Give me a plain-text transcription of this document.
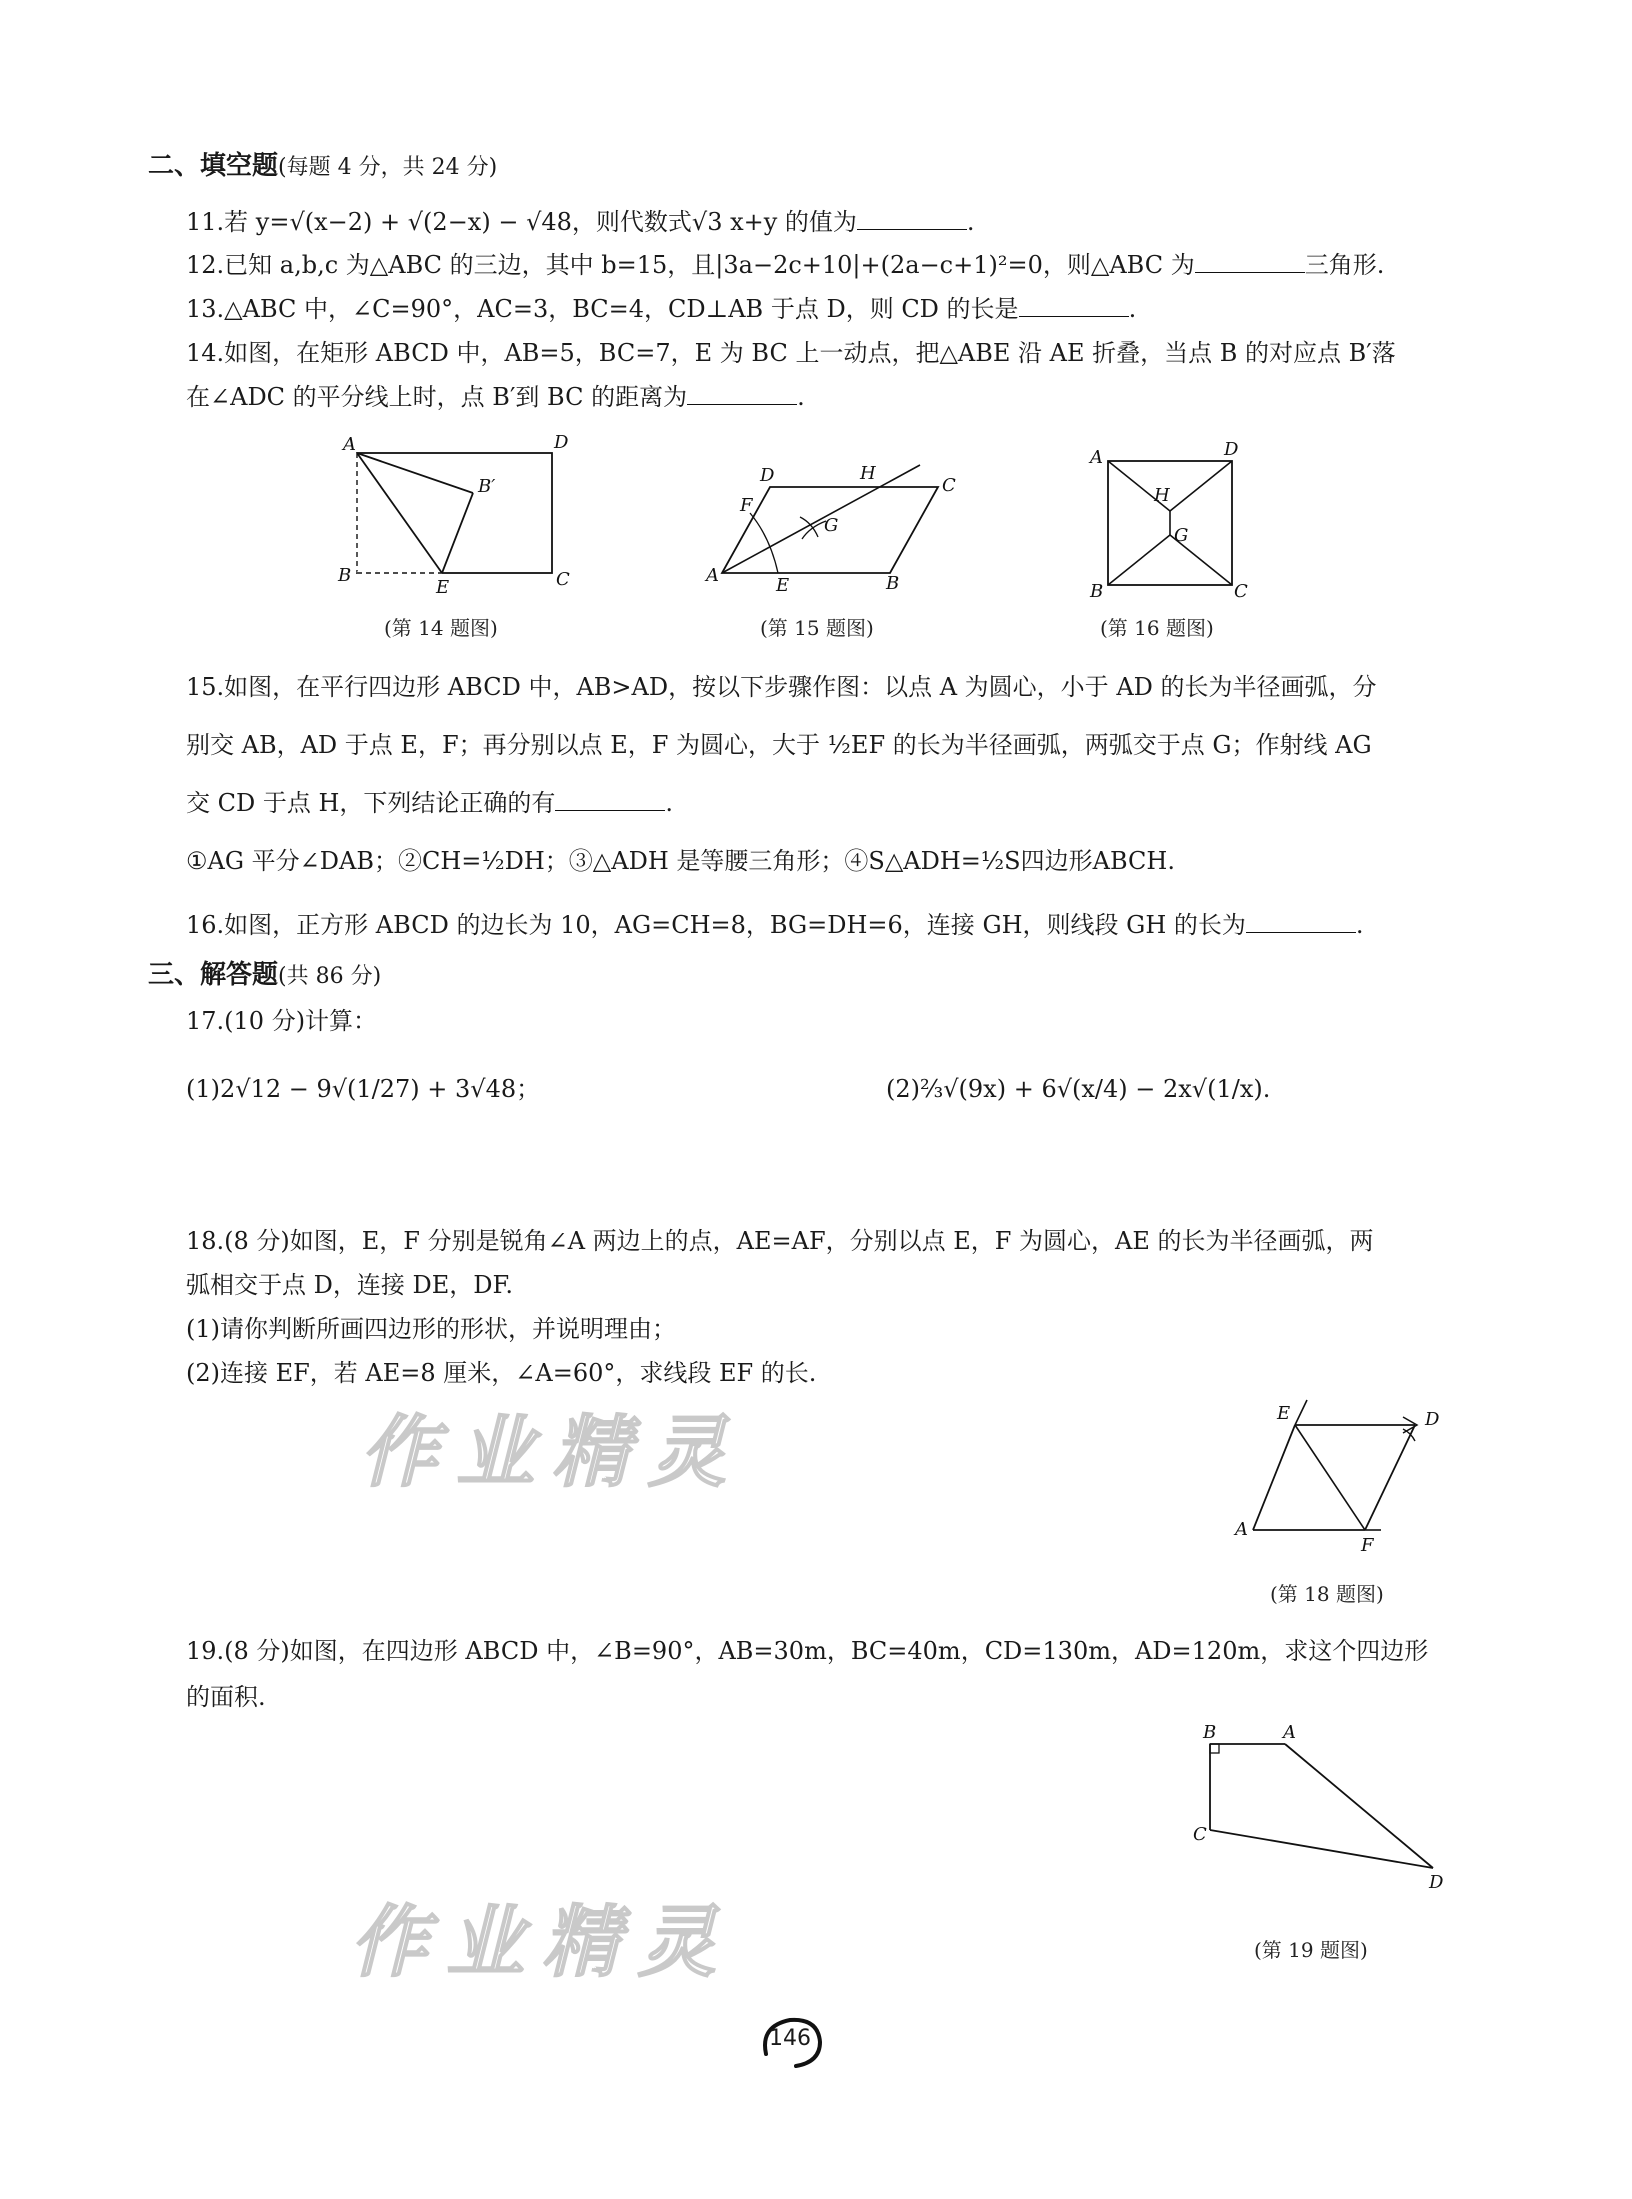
二、填空题(每题 4 分，共 24 分)
11.若 y=√(x−2) + √(2−x) − √48，则代数式√3 x+y 的值为	.
12.已知 a,b,c 为△ABC 的三边，其中 b=15，且|3a−2c+10|+(2a−c+1)²=0，则△ABC 为	三角形.
13.△ABC 中，∠C=90°，AC=3，BC=4，CD⊥AB 于点 D，则 CD 的长是	.
14.如图，在矩形 ABCD 中，AB=5，BC=7，E 为 BC 上一动点，把△ABE 沿 AE 折叠，当点 B 的对应点 B′落
在∠ADC 的平分线上时，点 B′到 BC 的距离为	.
A	D
B′
B
E	C
(第 14 题图)
D	H
C
F
G
A	E	B
(第 15 题图)
A	D
H
G
B	C
(第 16 题图)
15.如图，在平行四边形 ABCD 中，AB>AD，按以下步骤作图：以点 A 为圆心，小于 AD 的长为半径画弧，分
别交 AB，AD 于点 E，F；再分别以点 E，F 为圆心，大于 ½EF 的长为半径画弧，两弧交于点 G；作射线 AG
交 CD 于点 H，下列结论正确的有	.
①AG 平分∠DAB；②CH=½DH；③△ADH 是等腰三角形；④S△ADH=½S四边形ABCH.
16.如图，正方形 ABCD 的边长为 10，AG=CH=8，BG=DH=6，连接 GH，则线段 GH 的长为	.
三、解答题(共 86 分)
17.(10 分)计算：
(1)2√12 − 9√(1/27) + 3√48；	(2)⅔√(9x) + 6√(x/4) − 2x√(1/x).
18.(8 分)如图，E，F 分别是锐角∠A 两边上的点，AE=AF，分别以点 E，F 为圆心，AE 的长为半径画弧，两
弧相交于点 D，连接 DE，DF.
(1)请你判断所画四边形的形状，并说明理由；
(2)连接 EF，若 AE=8 厘米，∠A=60°，求线段 EF 的长.
E	D
A
F
(第 18 题图)
19.(8 分)如图，在四边形 ABCD 中，∠B=90°，AB=30m，BC=40m，CD=130m，AD=120m，求这个四边形
的面积.
B	A
C
D
(第 19 题图)
作业精灵
作业精灵
146
